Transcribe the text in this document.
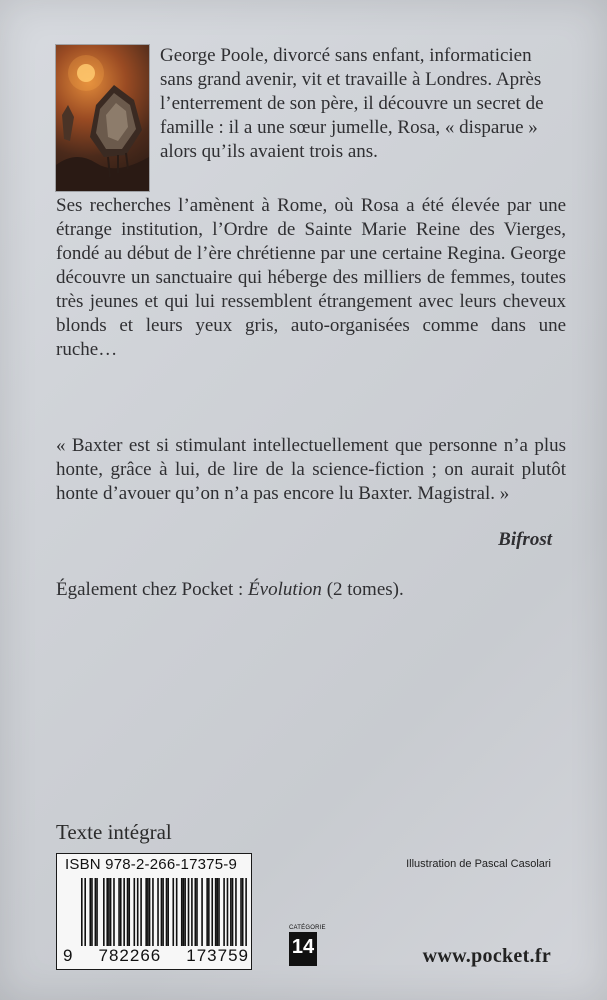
George Poole, divorcé sans enfant, informaticien sans grand avenir, vit et travaille à Londres. Après l’enterrement de son père, il découvre un secret de famille : il a une sœur jumelle, Rosa, « disparue » alors qu’ils avaient trois ans.
Ses recherches l’amènent à Rome, où Rosa a été élevée par une étrange institution, l’Ordre de Sainte Marie Reine des Vierges, fondé au début de l’ère chrétienne par une certaine Regina. George découvre un sanctuaire qui héberge des milliers de femmes, toutes très jeunes et qui lui ressemblent étrangement avec leurs cheveux blonds et leurs yeux gris, auto-organisées comme dans une ruche…
« Baxter est si stimulant intellectuellement que personne n’a plus honte, grâce à lui, de lire de la science-fiction ; on aurait plutôt honte d’avouer qu’on n’a pas encore lu Baxter. Magistral. »
Bifrost
Également chez Pocket : Évolution (2 tomes).
Texte intégral
ISBN 978-2-266-17375-9
9 782266 173759
CATÉGORIE
14
Illustration de Pascal Casolari
www.pocket.fr
